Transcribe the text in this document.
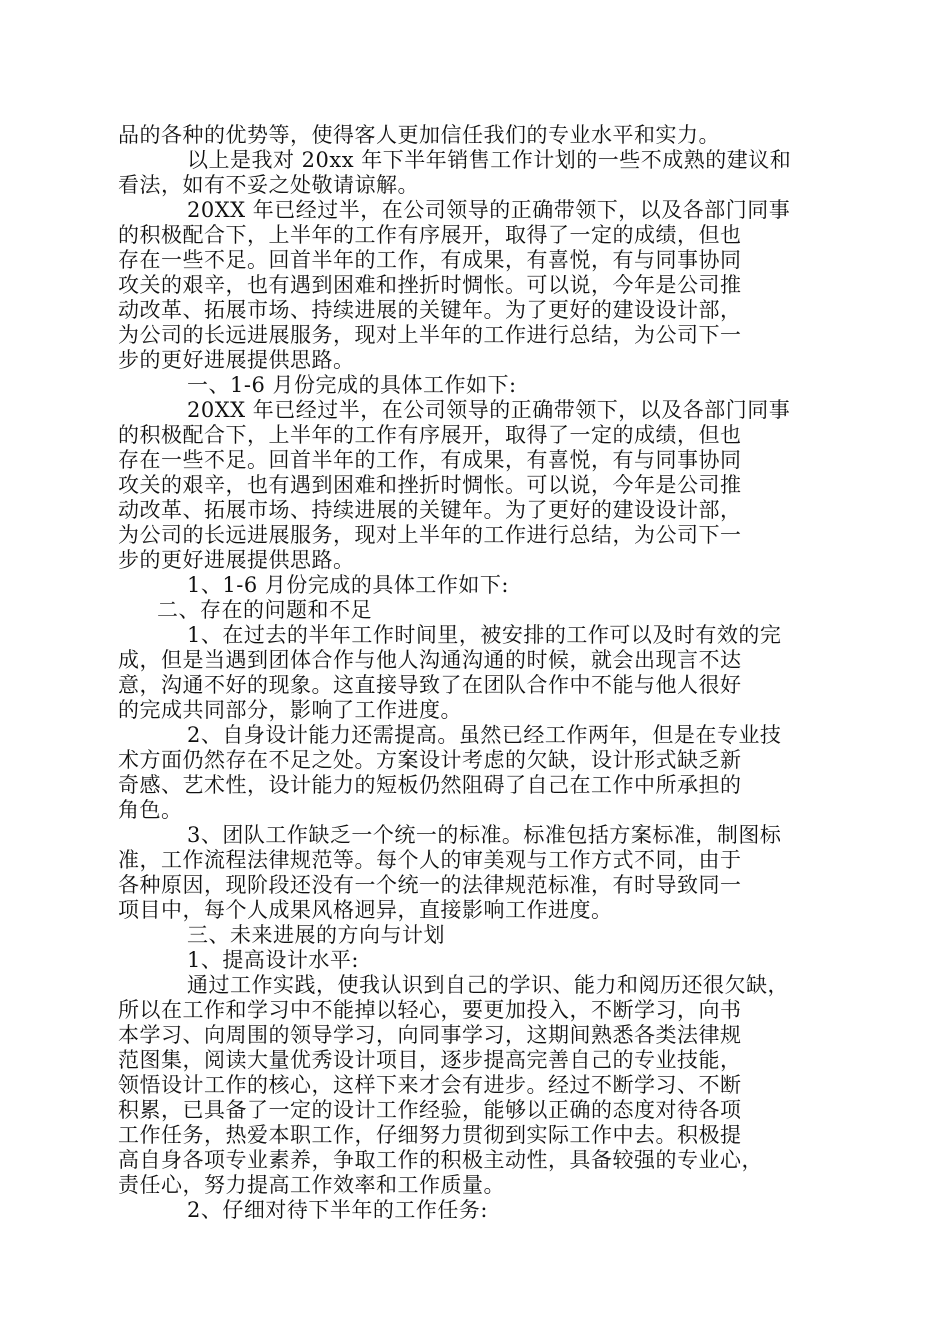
品的各种的优势等，使得客人更加信任我们的专业水平和实力。
以上是我对 20xx 年下半年销售工作计划的一些不成熟的建议和
看法，如有不妥之处敬请谅解。
20XX 年已经过半，在公司领导的正确带领下，以及各部门同事
的积极配合下，上半年的工作有序展开，取得了一定的成绩，但也
存在一些不足。回首半年的工作，有成果，有喜悦，有与同事协同
攻关的艰辛，也有遇到困难和挫折时惆怅。可以说，今年是公司推
动改革、拓展市场、持续进展的关键年。为了更好的建设设计部，
为公司的长远进展服务，现对上半年的工作进行总结，为公司下一
步的更好进展提供思路。
一、1-6 月份完成的具体工作如下:
20XX 年已经过半，在公司领导的正确带领下，以及各部门同事
的积极配合下，上半年的工作有序展开，取得了一定的成绩，但也
存在一些不足。回首半年的工作，有成果，有喜悦，有与同事协同
攻关的艰辛，也有遇到困难和挫折时惆怅。可以说，今年是公司推
动改革、拓展市场、持续进展的关键年。为了更好的建设设计部，
为公司的长远进展服务，现对上半年的工作进行总结，为公司下一
步的更好进展提供思路。
1、1-6 月份完成的具体工作如下:
二、存在的问题和不足
1、在过去的半年工作时间里，被安排的工作可以及时有效的完
成，但是当遇到团体合作与他人沟通沟通的时候，就会出现言不达
意，沟通不好的现象。这直接导致了在团队合作中不能与他人很好
的完成共同部分，影响了工作进度。
2、自身设计能力还需提高。虽然已经工作两年，但是在专业技
术方面仍然存在不足之处。方案设计考虑的欠缺，设计形式缺乏新
奇感、艺术性，设计能力的短板仍然阻碍了自己在工作中所承担的
角色。
3、团队工作缺乏一个统一的标准。标准包括方案标准，制图标
准，工作流程法律规范等。每个人的审美观与工作方式不同，由于
各种原因，现阶段还没有一个统一的法律规范标准，有时导致同一
项目中，每个人成果风格迥异，直接影响工作进度。
三、未来进展的方向与计划
1、提高设计水平:
通过工作实践，使我认识到自己的学识、能力和阅历还很欠缺，
所以在工作和学习中不能掉以轻心，要更加投入，不断学习，向书
本学习、向周围的领导学习，向同事学习，这期间熟悉各类法律规
范图集，阅读大量优秀设计项目，逐步提高完善自己的专业技能，
领悟设计工作的核心，这样下来才会有进步。经过不断学习、不断
积累，已具备了一定的设计工作经验，能够以正确的态度对待各项
工作任务，热爱本职工作，仔细努力贯彻到实际工作中去。积极提
高自身各项专业素养，争取工作的积极主动性，具备较强的专业心，
责任心，努力提高工作效率和工作质量。
2、仔细对待下半年的工作任务:
